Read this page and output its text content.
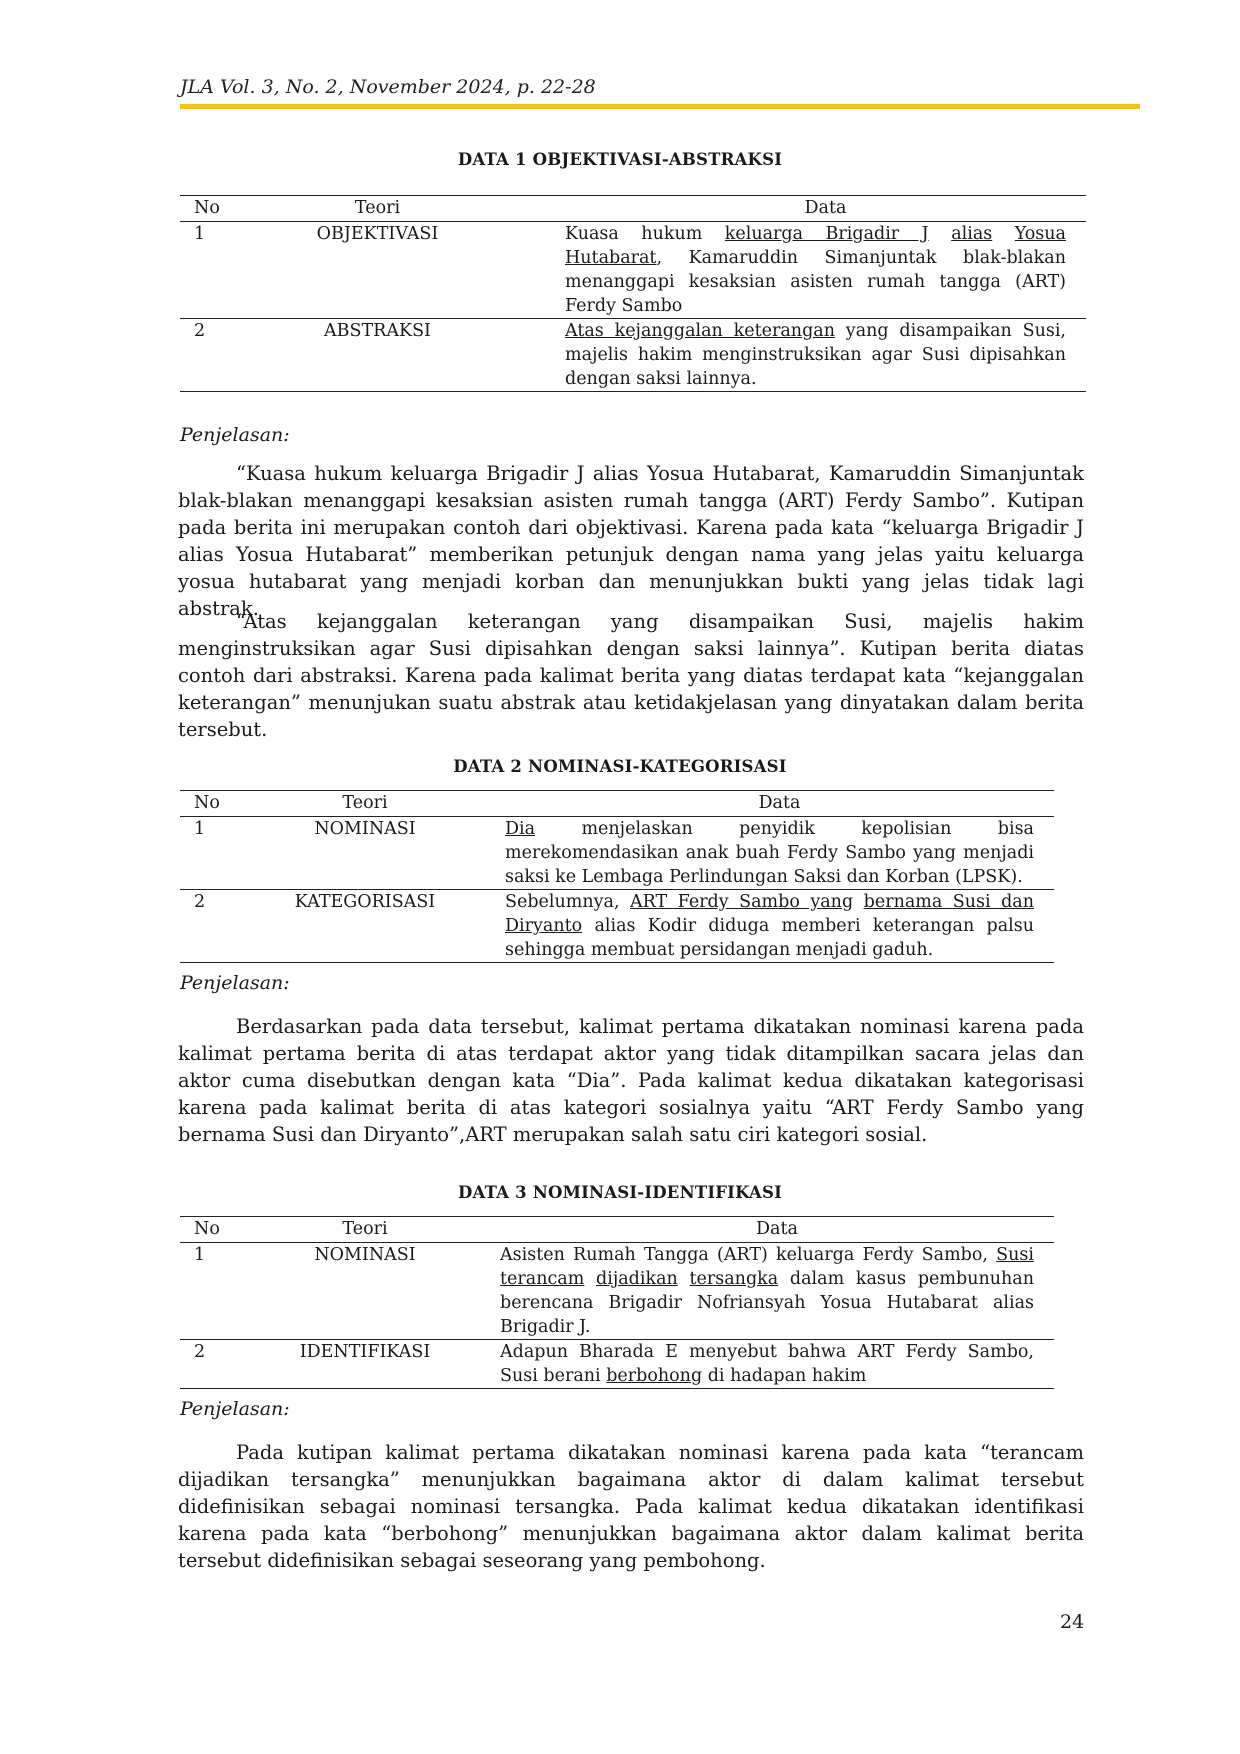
JLA Vol. 3, No. 2, November 2024, p. 22-28
DATA 1 OBJEKTIVASI-ABSTRAKSI
No	Teori		Data
1	OBJEKTIVASI		Kuasa hukum keluarga Brigadir J alias Yosua Hutabarat, Kamaruddin Simanjuntak blak-blakan menanggapi kesaksian asisten rumah tangga (ART) Ferdy Sambo
2	ABSTRAKSI		Atas kejanggalan keterangan yang disampaikan Susi, majelis hakim menginstruksikan agar Susi dipisahkan dengan saksi lainnya.
Penjelasan:

“Kuasa hukum keluarga Brigadir J alias Yosua Hutabarat, Kamaruddin Simanjuntak blak-blakan menanggapi kesaksian asisten rumah tangga (ART) Ferdy Sambo”. Kutipan pada berita ini merupakan contoh dari objektivasi. Karena pada kata “keluarga Brigadir J alias Yosua Hutabarat” memberikan petunjuk dengan nama yang jelas yaitu keluarga yosua hutabarat yang menjadi korban dan menunjukkan bukti yang jelas tidak lagi abstrak.

“Atas kejanggalan keterangan yang disampaikan Susi, majelis hakim menginstruksikan agar Susi dipisahkan dengan saksi lainnya”. Kutipan berita diatas contoh dari abstraksi. Karena pada kalimat berita yang diatas terdapat kata “kejanggalan keterangan” menunjukan suatu abstrak atau ketidakjelasan yang dinyatakan dalam berita tersebut.

DATA 2 NOMINASI-KATEGORISASI
No	Teori		Data
1	NOMINASI		Dia menjelaskan penyidik kepolisian bisa merekomendasikan anak buah Ferdy Sambo yang menjadi saksi ke Lembaga Perlindungan Saksi dan Korban (LPSK).
2	KATEGORISASI		Sebelumnya, ART Ferdy Sambo yang bernama Susi dan Diryanto alias Kodir diduga memberi keterangan palsu sehingga membuat persidangan menjadi gaduh.
Penjelasan:

Berdasarkan pada data tersebut, kalimat pertama dikatakan nominasi karena pada kalimat pertama berita di atas terdapat aktor yang tidak ditampilkan sacara jelas dan aktor cuma disebutkan dengan kata “Dia”. Pada kalimat kedua dikatakan kategorisasi karena pada kalimat berita di atas kategori sosialnya yaitu “ART Ferdy Sambo yang bernama Susi dan Diryanto”,ART merupakan salah satu ciri kategori sosial.

DATA 3 NOMINASI-IDENTIFIKASI
No	Teori		Data
1	NOMINASI		Asisten Rumah Tangga (ART) keluarga Ferdy Sambo, Susi terancam dijadikan tersangka dalam kasus pembunuhan berencana Brigadir Nofriansyah Yosua Hutabarat alias Brigadir J.
2	IDENTIFIKASI		Adapun Bharada E menyebut bahwa ART Ferdy Sambo, Susi berani berbohong di hadapan hakim
Penjelasan:

Pada kutipan kalimat pertama dikatakan nominasi karena pada kata “terancam dijadikan tersangka” menunjukkan bagaimana aktor di dalam kalimat tersebut didefinisikan sebagai nominasi tersangka. Pada kalimat kedua dikatakan identifikasi karena pada kata “berbohong” menunjukkan bagaimana aktor dalam kalimat berita tersebut didefinisikan sebagai seseorang yang pembohong.

24
